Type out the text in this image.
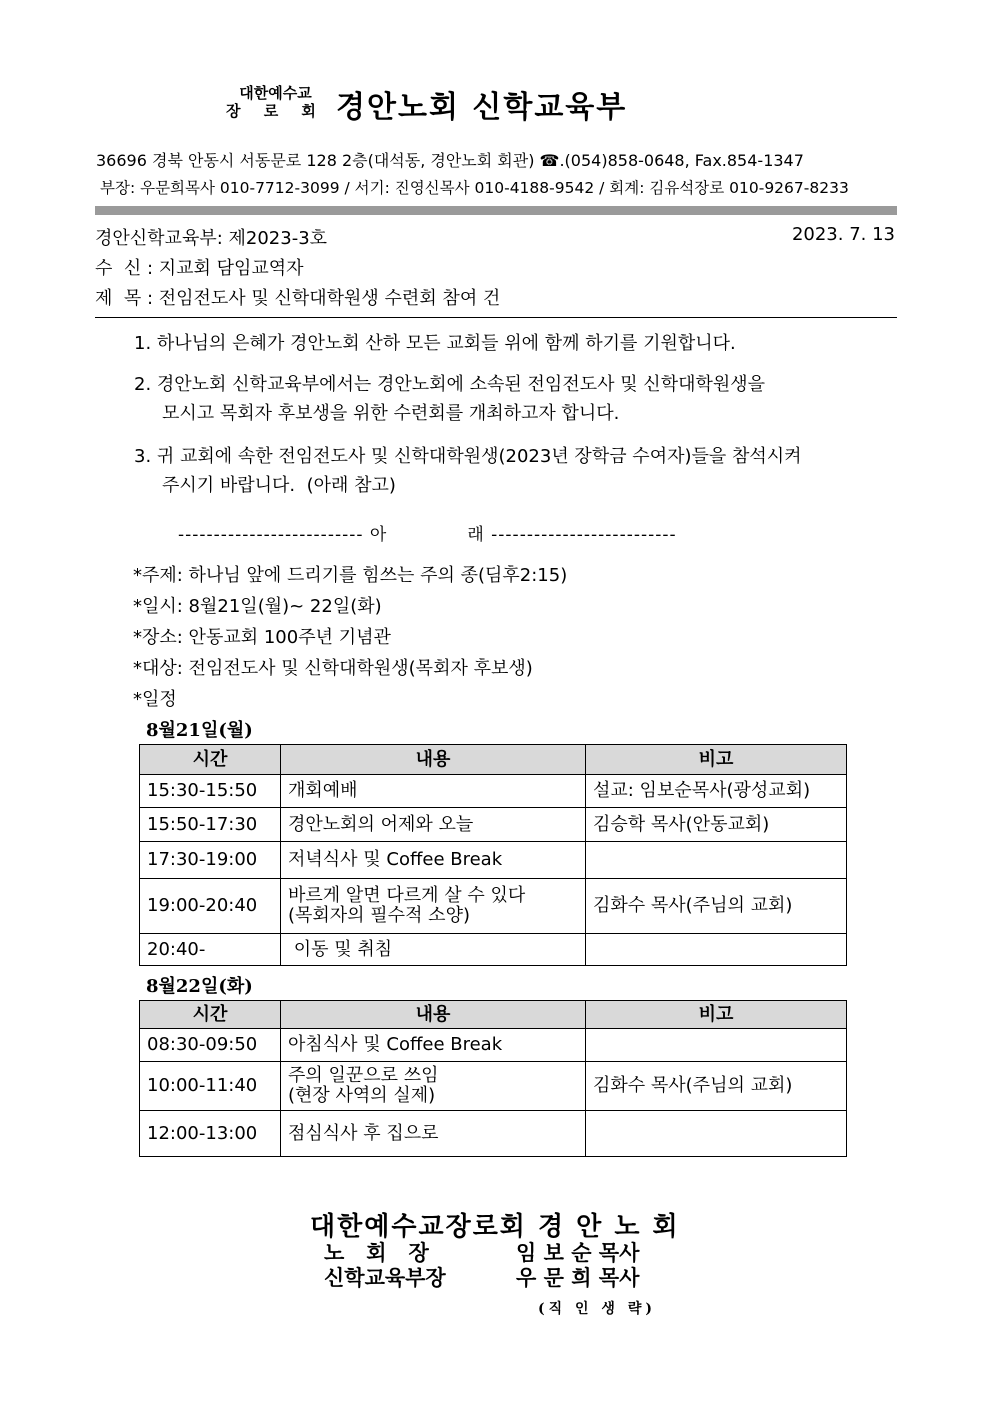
대한예수교
장 로 회 경안노회 신학교육부
36696 경북 안동시 서동문로 128 2층(대석동, 경안노회 회관) ☎.(054)858-0648, Fax.854-1347
부장: 우문희목사 010-7712-3099 / 서기: 진영신목사 010-4188-9542 / 회계: 김유석장로 010-9267-8233
경안신학교육부: 제2023-3호	2023. 7. 13
수  신 : 지교회 담임교역자
제  목 : 전임전도사 및 신학대학원생 수련회 참여 건
1. 하나님의 은혜가 경안노회 산하 모든 교회들 위에 함께 하기를 기원합니다.
2. 경안노회 신학교육부에서는 경안노회에 소속된 전임전도사 및 신학대학원생을
모시고 목회자 후보생을 위한 수련회를 개최하고자 합니다.
3. 귀 교회에 속한 전임전도사 및 신학대학원생(2023년 장학금 수여자)들을 참석시켜
주시기 바랍니다.  (아래 참고)
-------------------------- 아	래 --------------------------
*주제: 하나님 앞에 드리기를 힘쓰는 주의 종(딤후2:15)
*일시: 8월21일(월)~ 22일(화)
*장소: 안동교회 100주년 기념관
*대상: 전임전도사 및 신학대학원생(목회자 후보생)
*일정
8월21일(월)
시간	내용	비고
15:30-15:50	개회예배	설교: 임보순목사(광성교회)
15:50-17:30	경안노회의 어제와 오늘	김승학 목사(안동교회)
17:30-19:00	저녁식사 및 Coffee Break	
19:00-20:40	바르게 알면 다르게 살 수 있다
(목회자의 필수적 소양)	김화수 목사(주님의 교회)
20:40-	이동 및 취침	
8월22일(화)
시간	내용	비고
08:30-09:50	아침식사 및 Coffee Break	
10:00-11:40	주의 일꾼으로 쓰임
(현장 사역의 실제)	김화수 목사(주님의 교회)
12:00-13:00	점심식사 후 집으로	
대한예수교장로회 경 안 노 회
노   회   장	임 보 순 목사
신학교육부장	우 문 희 목사
(직 인 생 략)
